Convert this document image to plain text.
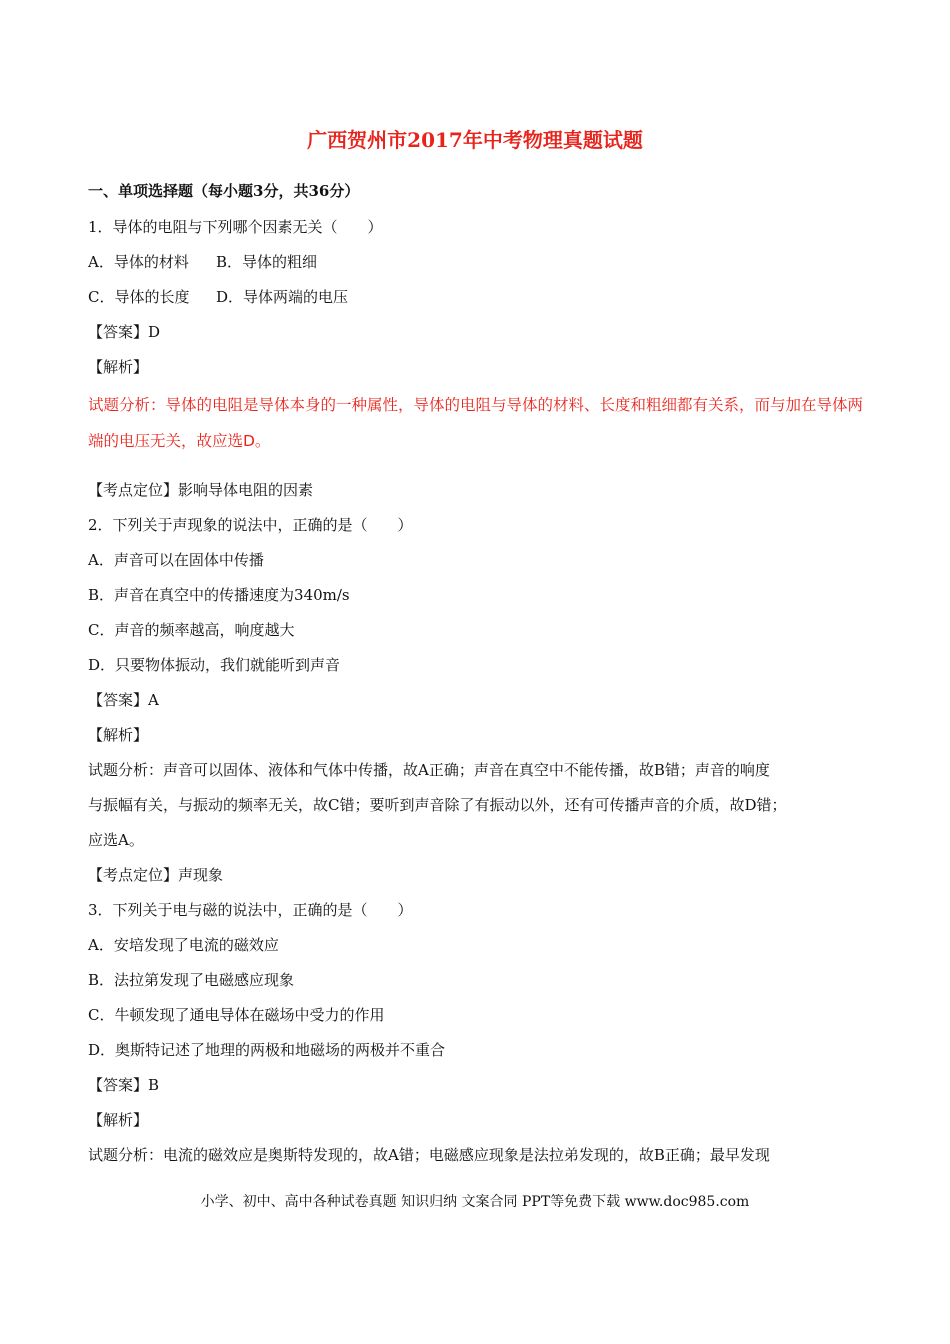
广西贺州市2017年中考物理真题试题
一、单项选择题（每小题3分，共36分）
1．导体的电阻与下列哪个因素无关（　　）
A．导体的材料	B．导体的粗细
C．导体的长度	D．导体两端的电压
【答案】D
【解析】
试题分析：导体的电阻是导体本身的一种属性，导体的电阻与导体的材料、长度和粗细都有关系，而与加在导体两端的电压无关，故应选D。
【考点定位】影响导体电阻的因素
2．下列关于声现象的说法中，正确的是（　　）
A．声音可以在固体中传播
B．声音在真空中的传播速度为340m/s
C．声音的频率越高，响度越大
D．只要物体振动，我们就能听到声音
【答案】A
【解析】
试题分析：声音可以固体、液体和气体中传播，故A正确；声音在真空中不能传播，故B错；声音的响度
与振幅有关，与振动的频率无关，故C错；要听到声音除了有振动以外，还有可传播声音的介质，故D错；
应选A。
【考点定位】声现象
3．下列关于电与磁的说法中，正确的是（　　）
A．安培发现了电流的磁效应
B．法拉第发现了电磁感应现象
C．牛顿发现了通电导体在磁场中受力的作用
D．奥斯特记述了地理的两极和地磁场的两极并不重合
【答案】B
【解析】
试题分析：电流的磁效应是奥斯特发现的，故A错；电磁感应现象是法拉弟发现的，故B正确；最早发现
小学、初中、高中各种试卷真题 知识归纳 文案合同 PPT等免费下载 www.doc985.com
